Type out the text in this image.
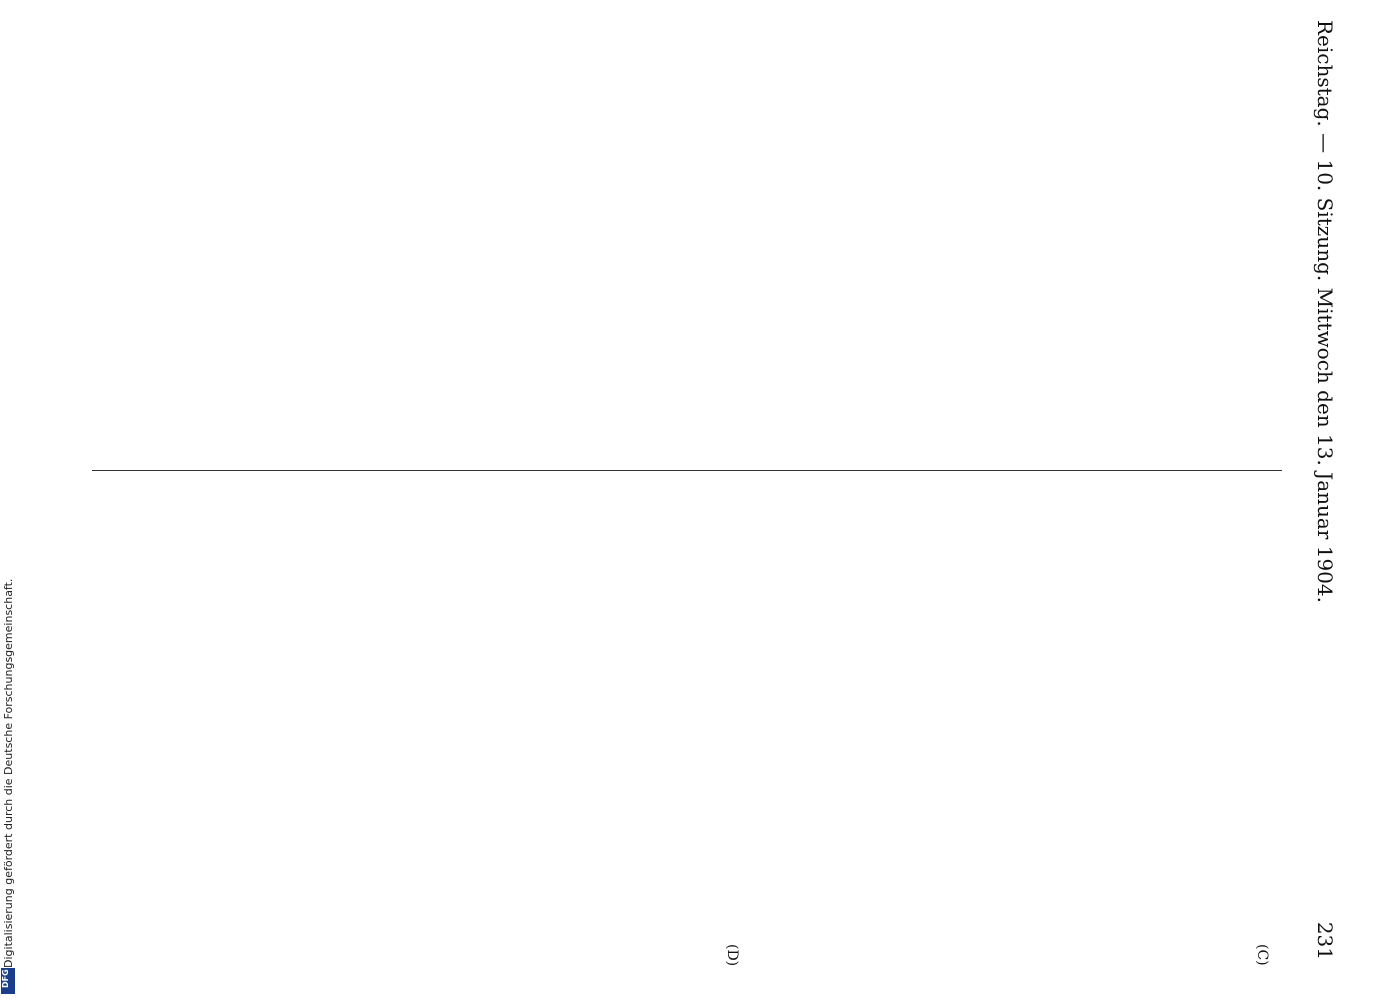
Reichstag. — 10. Sitzung. Mittwoch den 13. Januar 1904.
231
(C)
(D)
Digitalisierung gefördert durch die Deutsche Forschungsgemeinschaft.
DFG
